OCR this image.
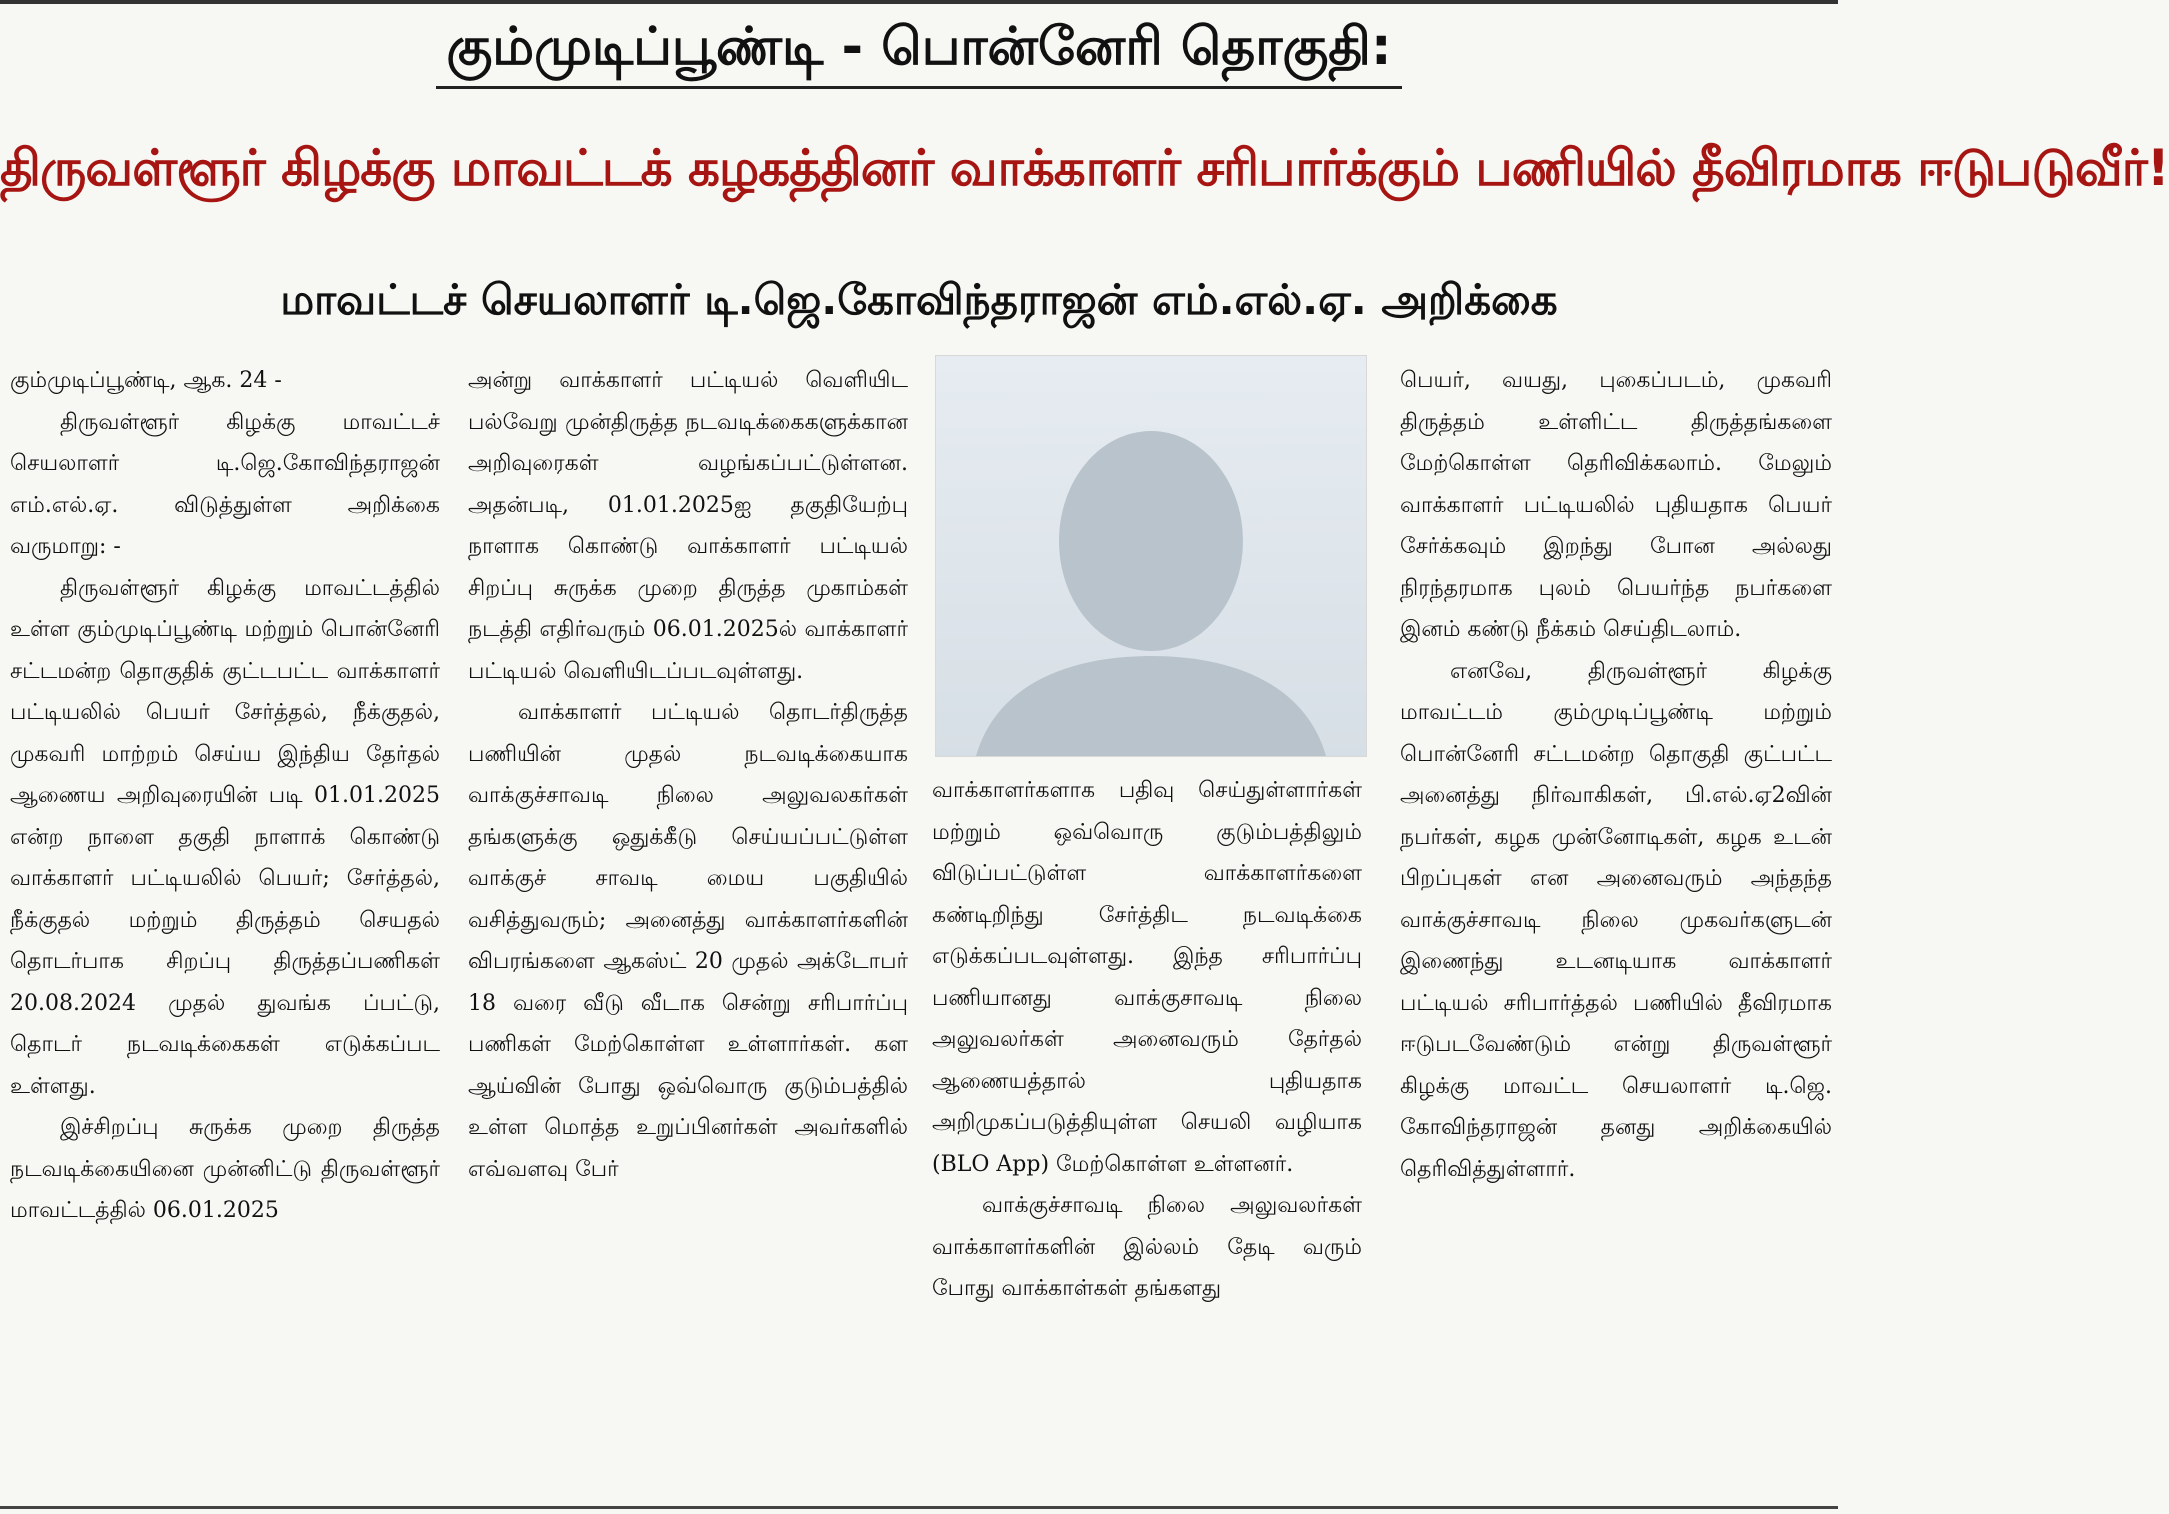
கும்முடிப்பூண்டி - பொன்னேரி தொகுதி:
திருவள்ளூர் கிழக்கு மாவட்டக் கழகத்தினர் வாக்காளர் சரிபார்க்கும் பணியில் தீவிரமாக ஈடுபடுவீர்!
மாவட்டச் செயலாளர் டி.ஜெ.கோவிந்தராஜன் எம்.எல்.ஏ. அறிக்கை

கும்முடிப்பூண்டி, ஆக. 24 -

திருவள்ளூர் கிழக்கு மாவட்டச் செயலாளர் டி.ஜெ.கோவிந்தராஜன் எம்.எல்.ஏ. விடுத்துள்ள அறிக்கை வருமாறு: -

திருவள்ளூர் கிழக்கு மாவட்டத்தில் உள்ள கும்முடிப்பூண்டி மற்றும் பொன்னேரி சட்டமன்ற தொகுதிக் குட்டபட்ட வாக்காளர் பட்டியலில் பெயர் சேர்த்தல், நீக்குதல், முகவரி மாற்றம் செய்ய இந்திய தேர்தல் ஆணைய அறிவுரையின் படி 01.01.2025 என்ற நாளை தகுதி நாளாக் கொண்டு வாக்காளர் பட்டியலில் பெயர்; சேர்த்தல், நீக்குதல் மற்றும் திருத்தம் செயதல் தொடர்பாக சிறப்பு திருத்தப்பணிகள் 20.08.2024 முதல் துவங்க ப்பட்டு, தொடர் நடவடிக்கைகள் எடுக்கப்பட உள்ளது.

இச்சிறப்பு சுருக்க முறை திருத்த நடவடிக்கையினை முன்னிட்டு திருவள்ளூர் மாவட்டத்தில் 06.01.2025

அன்று வாக்காளர் பட்டியல் வெளியிட பல்வேறு முன்திருத்த நடவடிக்கைகளுக்கான அறிவுரைகள் வழங்கப்பட்டுள்ளன. அதன்படி, 01.01.2025ஐ தகுதியேற்பு நாளாக கொண்டு வாக்காளர் பட்டியல் சிறப்பு சுருக்க முறை திருத்த முகாம்கள் நடத்தி எதிர்வரும் 06.01.2025ல் வாக்காளர் பட்டியல் வெளியிடப்படவுள்ளது.

வாக்காளர் பட்டியல் தொடர்திருத்த பணியின் முதல் நடவடிக்கையாக வாக்குச்சாவடி நிலை அலுவலகர்கள் தங்களுக்கு ஒதுக்கீடு செய்யப்பட்டுள்ள வாக்குச் சாவடி மைய பகுதியில் வசித்துவரும்; அனைத்து வாக்காளர்களின் விபரங்களை ஆகஸ்ட் 20 முதல் அக்டோபர் 18 வரை வீடு வீடாக சென்று சரிபார்ப்பு பணிகள் மேற்கொள்ள உள்ளார்கள். கள ஆய்வின் போது ஒவ்வொரு குடும்பத்தில் உள்ள மொத்த உறுப்பினர்கள் அவர்களில் எவ்வளவு பேர்

வாக்காளர்களாக பதிவு செய்துள்ளார்கள் மற்றும் ஒவ்வொரு குடும்பத்திலும் விடுப்பட்டுள்ள வாக்காளர்களை கண்டிறிந்து சேர்த்திட நடவடிக்கை எடுக்கப்படவுள்ளது. இந்த சரிபார்ப்பு பணியானது வாக்குசாவடி நிலை அலுவலர்கள் அனைவரும் தேர்தல் ஆணையத்தால் புதியதாக அறிமுகப்படுத்தியுள்ள செயலி வழியாக (BLO App) மேற்கொள்ள உள்ளனர்.

வாக்குச்சாவடி நிலை அலுவலர்கள் வாக்காளர்களின் இல்லம் தேடி வரும் போது வாக்காள்கள் தங்களது

பெயர், வயது, புகைப்படம், முகவரி திருத்தம் உள்ளிட்ட திருத்தங்களை மேற்கொள்ள தெரிவிக்கலாம். மேலும் வாக்காளர் பட்டியலில் புதியதாக பெயர் சேர்க்கவும் இறந்து போன அல்லது நிரந்தரமாக புலம் பெயர்ந்த நபர்களை இனம் கண்டு நீக்கம் செய்திடலாம்.

எனவே, திருவள்ளூர் கிழக்கு மாவட்டம் கும்முடிப்பூண்டி மற்றும் பொன்னேரி சட்டமன்ற தொகுதி குட்பட்ட அனைத்து நிர்வாகிகள், பி.எல்.ஏ2வின் நபர்கள், கழக முன்னோடிகள், கழக உடன் பிறப்புகள் என அனைவரும் அந்தந்த வாக்குச்சாவடி நிலை முகவர்களுடன் இணைந்து உடனடியாக வாக்காளர் பட்டியல் சரிபார்த்தல் பணியில் தீவிரமாக ஈடுபடவேண்டும் என்று திருவள்ளூர் கிழக்கு மாவட்ட செயலாளர் டி.ஜெ. கோவிந்தராஜன் தனது அறிக்கையில் தெரிவித்துள்ளார்.
